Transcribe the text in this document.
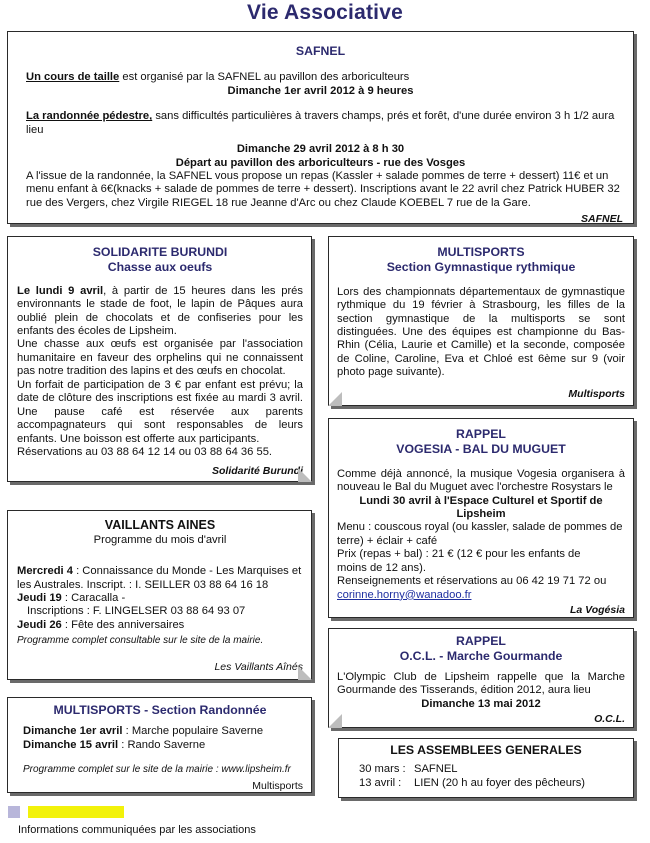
Vie Associative
SAFNEL
Un cours de taille est organisé par la SAFNEL au pavillon des arboriculteurs
Dimanche 1er avril 2012 à 9 heures
La randonnée pédestre, sans difficultés particulières à travers champs, prés et forêt, d'une durée environ 3 h 1/2 aura lieu
Dimanche 29 avril 2012 à 8 h 30
Départ au pavillon des arboriculteurs - rue des Vosges
A l'issue de la randonnée, la SAFNEL vous propose un repas (Kassler + salade pommes de terre + dessert) 11€ et un menu enfant à 6€(knacks + salade de pommes de terre + dessert). Inscriptions avant le 22 avril chez Patrick HUBER 32 rue des Vergers, chez Virgile RIEGEL 18 rue Jeanne d'Arc ou chez Claude KOEBEL 7 rue de la Gare.
SAFNEL
SOLIDARITE BURUNDI
Chasse aux oeufs
Le lundi 9 avril, à partir de 15 heures dans les prés environnants le stade de foot, le lapin de Pâques aura oublié plein de chocolats et de confiseries pour les enfants des écoles de Lipsheim.
Une chasse aux œufs est organisée par l'association humanitaire en faveur des orphelins qui ne connaissent pas notre tradition des lapins et des œufs en chocolat.
Un forfait de participation de 3 € par enfant est prévu; la date de clôture des inscriptions est fixée au mardi 3 avril. Une pause café est réservée aux parents accompagnateurs qui sont responsables de leurs enfants. Une boisson est offerte aux participants.
Réservations au 03 88 64 12 14 ou 03 88 64 36 55.
Solidarité Burundi
MULTISPORTS
Section Gymnastique rythmique
Lors des championnats départementaux de gymnastique rythmique du 19 février à Strasbourg, les filles de la section gymnastique de la multisports se sont distinguées. Une des équipes est championne du Bas-Rhin (Célia, Laurie et Camille) et la seconde, composée de Coline, Caroline, Eva et Chloé est 6ème sur 9 (voir photo page suivante).
Multisports
RAPPEL
VOGESIA - BAL DU MUGUET
Comme déjà annoncé, la musique Vogesia organisera à nouveau le Bal du Muguet avec l'orchestre Rosystars le
Lundi 30 avril à l'Espace Culturel et Sportif de Lipsheim
Menu : couscous royal (ou kassler, salade de pommes de terre) + éclair + café
Prix (repas + bal) : 21 € (12 € pour les enfants de moins de 12 ans).
Renseignements et réservations au 06 42 19 71 72 ou
corinne.horny@wanadoo.fr
La Vogésia
VAILLANTS AINES
Programme du mois d'avril
Mercredi 4 : Connaissance du Monde - Les Marquises et les Australes. Inscript. : I. SEILLER 03 88 64 16 18
Jeudi 19 : Caracalla -
Inscriptions : F. LINGELSER 03 88 64 93 07
Jeudi 26 : Fête des anniversaires
Programme complet consultable sur le site de la mairie.
Les Vaillants Aînés
MULTISPORTS - Section Randonnée
Dimanche 1er avril : Marche populaire Saverne
Dimanche 15 avril : Rando Saverne
Programme complet sur le site de la mairie : www.lipsheim.fr
Multisports
RAPPEL
O.C.L. - Marche Gourmande
L'Olympic Club de Lipsheim rappelle que la Marche Gourmande des Tisserands, édition 2012, aura lieu
Dimanche 13 mai 2012
O.C.L.
LES ASSEMBLEES GENERALES
30 mars : SAFNEL
13 avril :	LIEN (20 h au foyer des pêcheurs)
Informations communiquées par les associations
